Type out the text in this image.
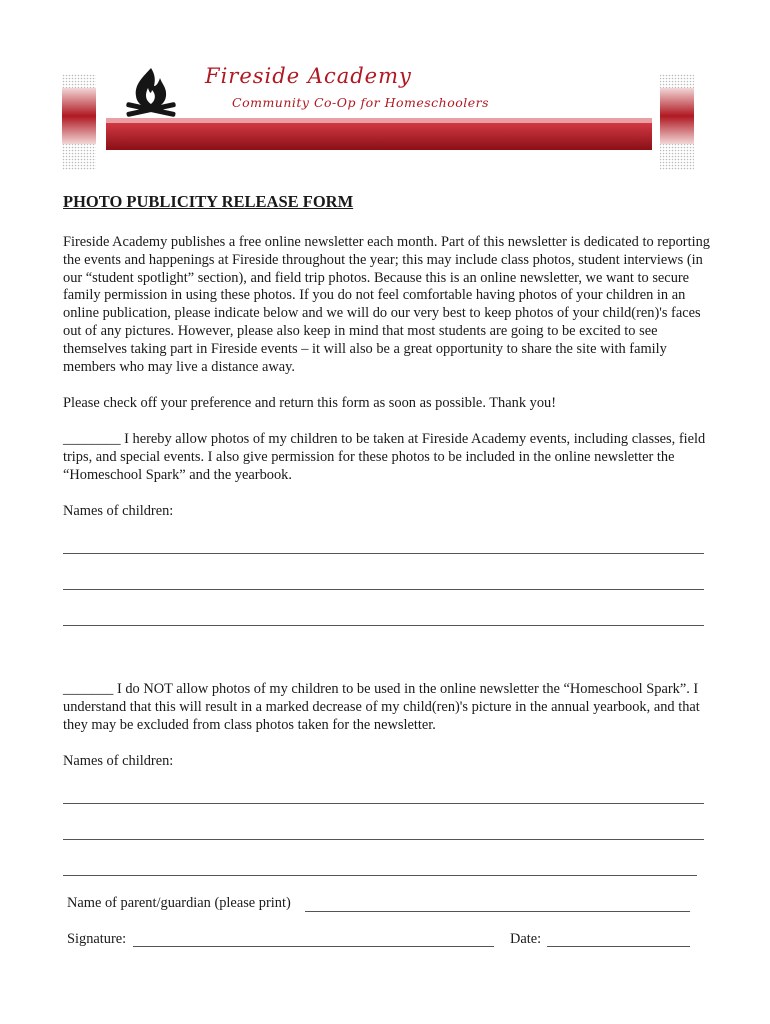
Fireside Academy
Community Co-Op for Homeschoolers
PHOTO PUBLICITY RELEASE FORM

Fireside Academy publishes a free online newsletter each month. Part of this newsletter is dedicated to reporting the events and happenings at Fireside throughout the year; this may include class photos, student interviews (in our “student spotlight” section), and field trip photos. Because this is an online newsletter, we want to secure family permission in using these photos. If you do not feel comfortable having photos of your children in an online publication, please indicate below and we will do our very best to keep photos of your child(ren)'s faces out of any pictures. However, please also keep in mind that most students are going to be excited to see themselves taking part in Fireside events – it will also be a great opportunity to share the site with family members who may live a distance away.

Please check off your preference and return this form as soon as possible. Thank you!

________ I hereby allow photos of my children to be taken at Fireside Academy events, including classes, field trips, and special events. I also give permission for these photos to be included in the online newsletter the “Homeschool Spark” and the yearbook.

Names of children:

_______ I do NOT allow photos of my children to be used in the online newsletter the “Homeschool Spark”. I understand that this will result in a marked decrease of my child(ren)'s picture in the annual yearbook, and that they may be excluded from class photos taken for the newsletter.

Names of children:
Name of parent/guardian (please print)
Signature:	Date:
